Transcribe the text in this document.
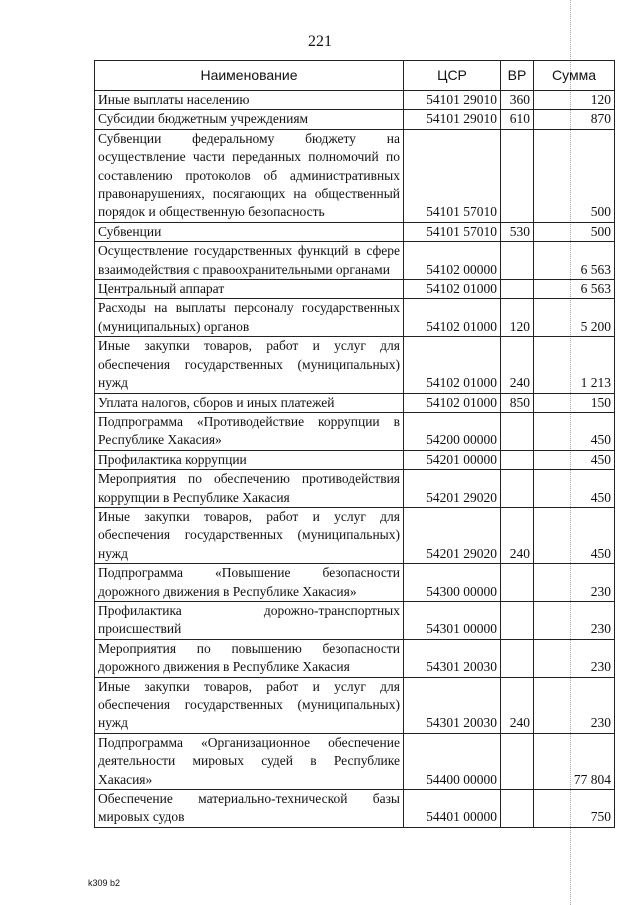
221
Наименование	ЦСР	ВР	Сумма
Иные выплаты населению	54101 29010	360	120
Субсидии бюджетным учреждениям	54101 29010	610	870
Субвенции федеральному бюджету на осуществление части переданных полномочий по составлению протоколов об административных правонарушениях, посягающих на общественный порядок и общественную безопасность	54101 57010		500
Субвенции	54101 57010	530	500
Осуществление государственных функций в сфере взаимодействия с правоохранительными органами	54102 00000		6 563
Центральный аппарат	54102 01000		6 563
Расходы на выплаты персоналу государственных (муниципальных) органов	54102 01000	120	5 200
Иные закупки товаров, работ и услуг для обеспечения государственных (муниципальных) нужд	54102 01000	240	1 213
Уплата налогов, сборов и иных платежей	54102 01000	850	150
Подпрограмма «Противодействие коррупции в Республике Хакасия»	54200 00000		450
Профилактика коррупции	54201 00000		450
Мероприятия по обеспечению противодействия коррупции в Республике Хакасия	54201 29020		450
Иные закупки товаров, работ и услуг для обеспечения государственных (муниципальных) нужд	54201 29020	240	450
Подпрограмма «Повышение безопасности дорожного движения в Республике Хакасия»	54300 00000		230
Профилактика дорожно-транспортных происшествий	54301 00000		230
Мероприятия по повышению безопасности дорожного движения в Республике Хакасия	54301 20030		230
Иные закупки товаров, работ и услуг для обеспечения государственных (муниципальных) нужд	54301 20030	240	230
Подпрограмма «Организационное обеспечение деятельности мировых судей в Республике Хакасия»	54400 00000		77 804
Обеспечение материально-технической базы мировых судов	54401 00000		750
k309 b2
